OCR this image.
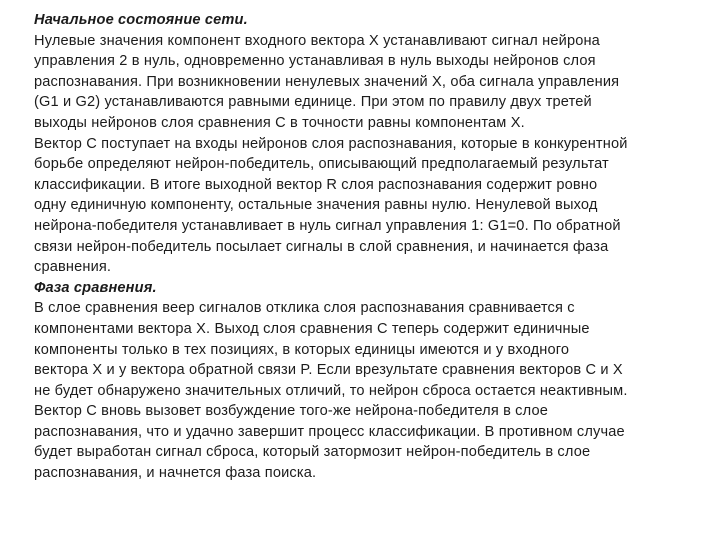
Начальное состояние сети.
Нулевые значения компонент входного вектора X устанавливают сигнал нейрона
управления 2 в нуль, одновременно устанавливая в нуль выходы нейронов слоя
распознавания. При возникновении ненулевых значений X, оба сигнала управления
(G1 и G2) устанавливаются равными единице. При этом по правилу двух третей
выходы нейронов слоя сравнения C в точности равны компонентам X.
Вектор C поступает на входы нейронов слоя распознавания, которые в конкурентной
борьбе определяют нейрон-победитель, описывающий предполагаемый результат
классификации. В итоге выходной вектор R слоя распознавания содержит ровно
одну единичную компоненту, остальные значения равны нулю. Ненулевой выход
нейрона-победителя устанавливает в нуль сигнал управления 1: G1=0. По обратной
связи нейрон-победитель посылает сигналы в слой сравнения, и начинается фаза
сравнения.
Фаза сравнения.
В слое сравнения веер сигналов отклика слоя распознавания сравнивается с
компонентами вектора X. Выход слоя сравнения C теперь содержит единичные
компоненты только в тех позициях, в которых единицы имеются и у входного
вектора X и у вектора обратной связи P. Если врезультате сравнения векторов C и X
не будет обнаружено значительных отличий, то нейрон сброса остается неактивным.
Вектор C вновь вызовет возбуждение того-же нейрона-победителя в слое
распознавания, что и удачно завершит процесс классификации. В противном случае
будет выработан сигнал сброса, который затормозит нейрон-победитель в слое
распознавания, и начнется фаза поиска.
